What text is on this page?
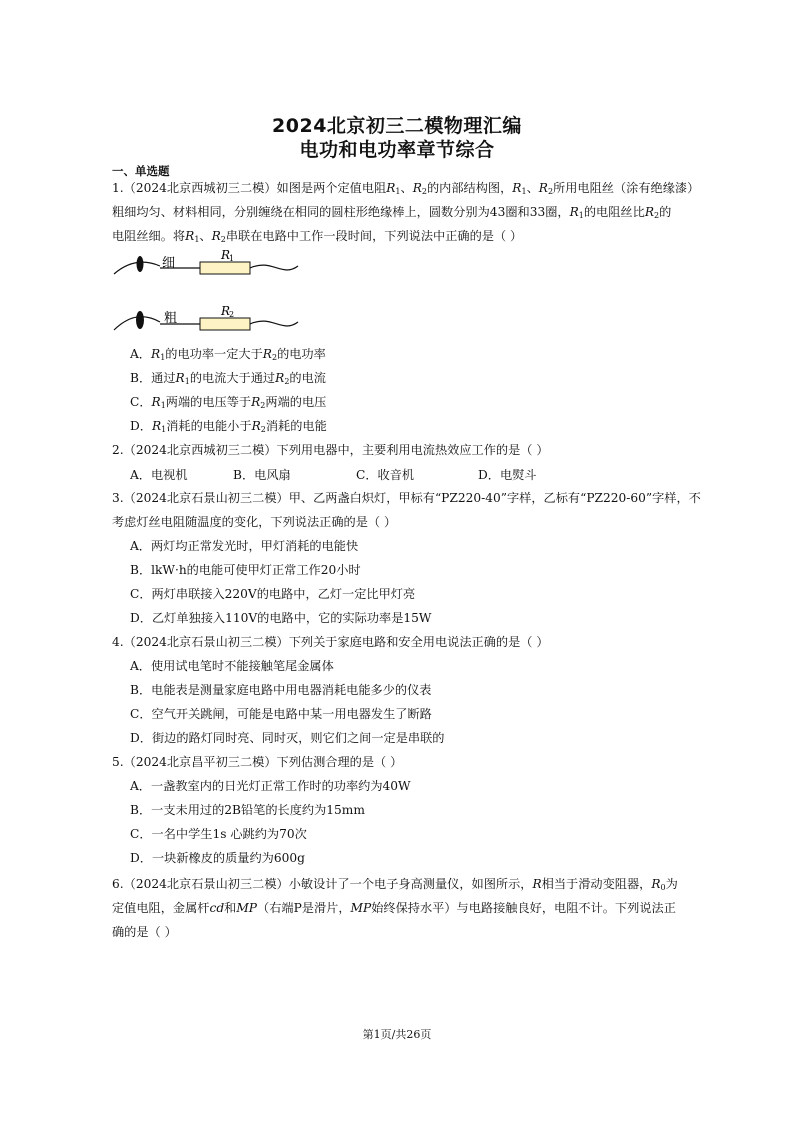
2024北京初三二模物理汇编
电功和电功率章节综合
一、单选题
1.（2024北京西城初三二模）如图是两个定值电阻$R_1$、$R_2$的内部结构图，$R_1$、$R_2$所用电阻丝（涂有绝缘漆）
粗细均匀、材料相同，分别缠绕在相同的圆柱形绝缘棒上，圆数分别为43圈和33圈，$R_1$的电阻丝比$R_2$的
电阻丝细。将$R_1$、$R_2$串联在电路中工作一段时间，下列说法中正确的是（ ）
细
R
1
粗	R
2
A．$R_1$的电功率一定大于$R_2$的电功率
B．通过$R_1$的电流大于通过$R_2$的电流
C．$R_1$两端的电压等于$R_2$两端的电压
D．$R_1$消耗的电能小于$R_2$消耗的电能
2.（2024北京西城初三二模）下列用电器中，主要利用电流热效应工作的是（ ）
A．电视机	B．电风扇	C．收音机	D．电熨斗
3.（2024北京石景山初三二模）甲、乙两盏白炽灯，甲标有“PZ220-40”字样，乙标有“PZ220-60”字样，不
考虑灯丝电阻随温度的变化，下列说法正确的是（ ）
A．两灯均正常发光时，甲灯消耗的电能快
B．lkW·h的电能可使甲灯正常工作20小时
C．两灯串联接入220V的电路中，乙灯一定比甲灯亮
D．乙灯单独接入110V的电路中，它的实际功率是15W
4.（2024北京石景山初三二模）下列关于家庭电路和安全用电说法正确的是（ ）
A．使用试电笔时不能接触笔尾金属体
B．电能表是测量家庭电路中用电器消耗电能多少的仪表
C．空气开关跳闸，可能是电路中某一用电器发生了断路
D．街边的路灯同时亮、同时灭，则它们之间一定是串联的
5.（2024北京昌平初三二模）下列估测合理的是（ ）
A．一盏教室内的日光灯正常工作时的功率约为40W
B．一支未用过的2B铅笔的长度约为15mm
C．一名中学生1s 心跳约为70次
D．一块新橡皮的质量约为600g
6.（2024北京石景山初三二模）小敏设计了一个电子身高测量仪，如图所示，R相当于滑动变阻器，$R_0$为
定值电阻，金属杆cd和MP（右端P是滑片，MP始终保持水平）与电路接触良好，电阻不计。下列说法正
确的是（ ）
第1页/共26页
